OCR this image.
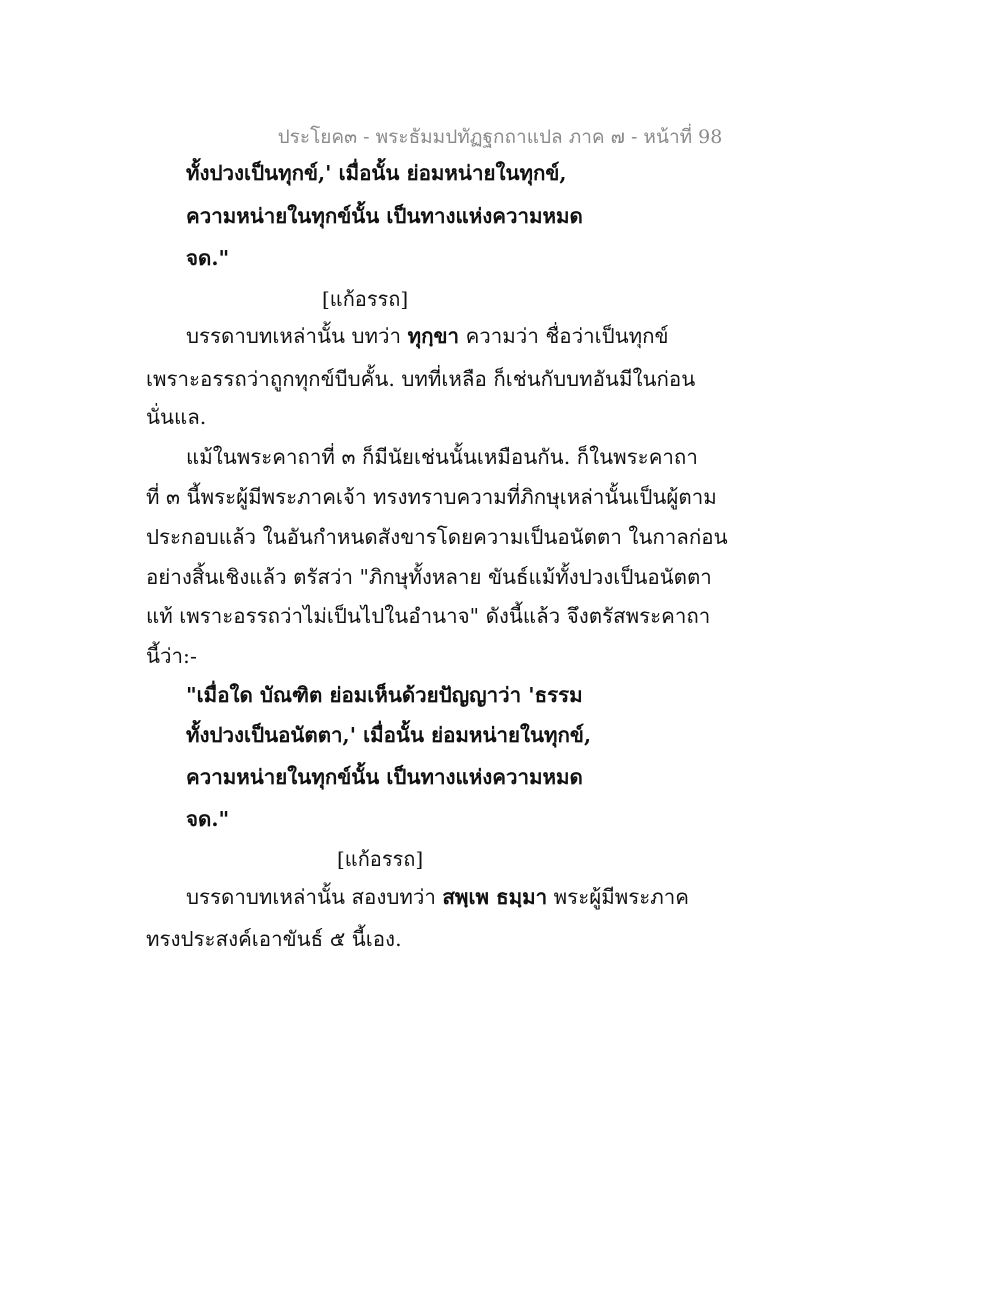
ประโยค๓ - พระธัมมปทัฏฐกถาแปล ภาค ๗ - หน้าที่ 98
ทั้งปวงเป็นทุกข์,' เมื่อนั้น ย่อมหน่ายในทุกข์,
ความหน่ายในทุกข์นั้น เป็นทางแห่งความหมด
จด."
[แก้อรรถ]
บรรดาบทเหล่านั้น บทว่า ทุกฺขา ความว่า ชื่อว่าเป็นทุกข์
เพราะอรรถว่าถูกทุกข์บีบคั้น. บทที่เหลือ ก็เช่นกับบทอันมีในก่อน
นั่นแล.
แม้ในพระคาถาที่ ๓ ก็มีนัยเช่นนั้นเหมือนกัน. ก็ในพระคาถา
ที่ ๓ นี้พระผู้มีพระภาคเจ้า ทรงทราบความที่ภิกษุเหล่านั้นเป็นผู้ตาม
ประกอบแล้ว ในอันกำหนดสังขารโดยความเป็นอนัตตา ในกาลก่อน
อย่างสิ้นเชิงแล้ว ตรัสว่า "ภิกษุทั้งหลาย ขันธ์แม้ทั้งปวงเป็นอนัตตา
แท้ เพราะอรรถว่าไม่เป็นไปในอำนาจ" ดังนี้แล้ว จึงตรัสพระคาถา
นี้ว่า:-
"เมื่อใด บัณฑิต ย่อมเห็นด้วยปัญญาว่า 'ธรรม
ทั้งปวงเป็นอนัตตา,' เมื่อนั้น ย่อมหน่ายในทุกข์,
ความหน่ายในทุกข์นั้น เป็นทางแห่งความหมด
จด."
[แก้อรรถ]
บรรดาบทเหล่านั้น สองบทว่า สพฺเพ ธมฺมา พระผู้มีพระภาค
ทรงประสงค์เอาขันธ์ ๕ นี้เอง.
